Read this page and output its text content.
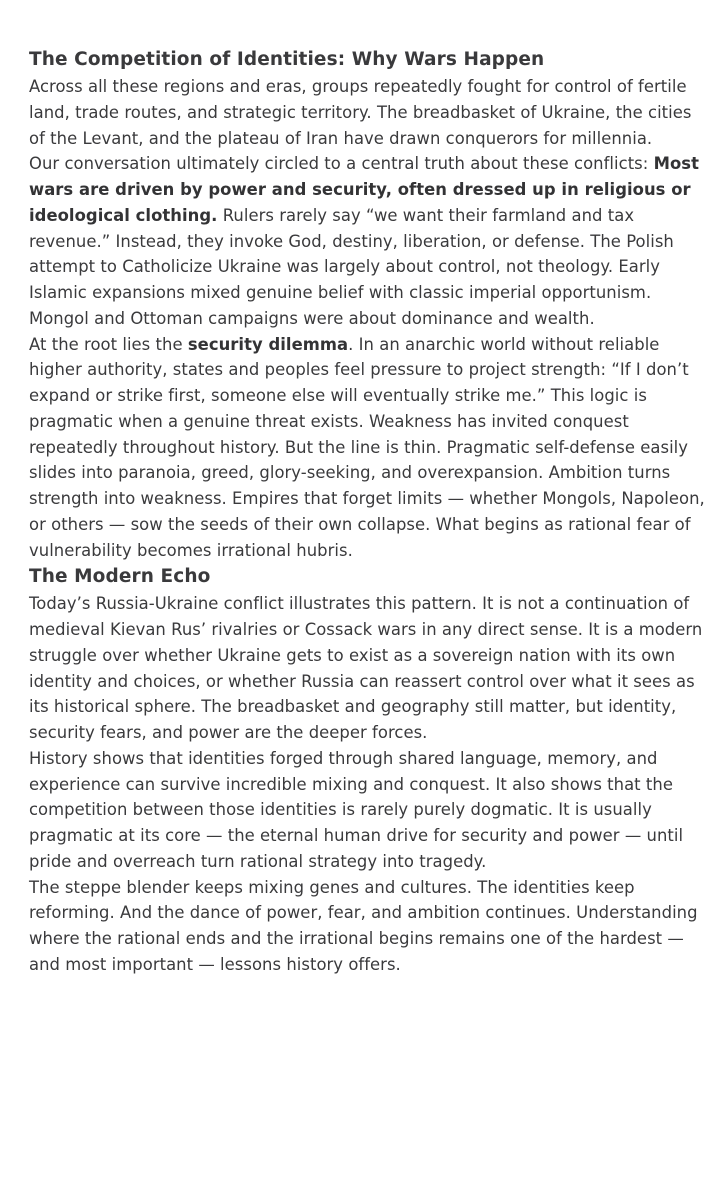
The Competition of Identities: Why Wars Happen

Across all these regions and eras, groups repeatedly fought for control of fertile land, trade routes, and strategic territory. The breadbasket of Ukraine, the cities of the Levant, and the plateau of Iran have drawn conquerors for millennia.

Our conversation ultimately circled to a central truth about these conflicts: Most wars are driven by power and security, often dressed up in religious or ideological clothing. Rulers rarely say “we want their farmland and tax revenue.” Instead, they invoke God, destiny, liberation, or defense. The Polish attempt to Catholicize Ukraine was largely about control, not theology. Early Islamic expansions mixed genuine belief with classic imperial opportunism. Mongol and Ottoman campaigns were about dominance and wealth.

At the root lies the security dilemma. In an anarchic world without reliable higher authority, states and peoples feel pressure to project strength: “If I don’t expand or strike first, someone else will eventually strike me.” This logic is pragmatic when a genuine threat exists. Weakness has invited conquest repeatedly throughout history. But the line is thin. Pragmatic self-defense easily slides into paranoia, greed, glory-seeking, and overexpansion. Ambition turns strength into weakness. Empires that forget limits — whether Mongols, Napoleon, or others — sow the seeds of their own collapse. What begins as rational fear of vulnerability becomes irrational hubris.

The Modern Echo

Today’s Russia-Ukraine conflict illustrates this pattern. It is not a continuation of medieval Kievan Rus’ rivalries or Cossack wars in any direct sense. It is a modern struggle over whether Ukraine gets to exist as a sovereign nation with its own identity and choices, or whether Russia can reassert control over what it sees as its historical sphere. The breadbasket and geography still matter, but identity, security fears, and power are the deeper forces.

History shows that identities forged through shared language, memory, and experience can survive incredible mixing and conquest. It also shows that the competition between those identities is rarely purely dogmatic. It is usually pragmatic at its core — the eternal human drive for security and power — until pride and overreach turn rational strategy into tragedy.

The steppe blender keeps mixing genes and cultures. The identities keep reforming. And the dance of power, fear, and ambition continues. Understanding where the rational ends and the irrational begins remains one of the hardest — and most important — lessons history offers.
